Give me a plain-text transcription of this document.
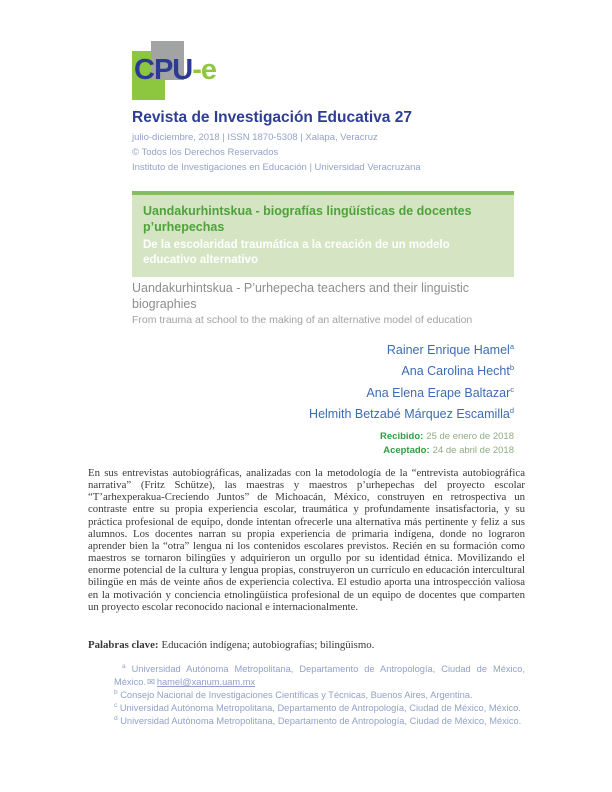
CPU-e
Revista de Investigación Educativa 27
julio-diciembre, 2018 | ISSN 1870-5308 | Xalapa, Veracruz
© Todos los Derechos Reservados
Instituto de Investigaciones en Educación | Universidad Veracruzana
Uandakurhintskua - biografías lingüísticas de docentes p’urhepechas
De la escolaridad traumática a la creación de un modelo educativo alternativo
Uandakurhintskua - P’urhepecha teachers and their linguistic biographies
From trauma at school to the making of an alternative model of education
Rainer Enrique Hamel$^a$
Ana Carolina Hecht$^b$
Ana Elena Erape Baltazar$^c$
Helmith Betzabé Márquez Escamilla$^d$
Recibido: 25 de enero de 2018
Aceptado: 24 de abril de 2018
En sus entrevistas autobiográficas, analizadas con la metodología de la “entrevista autobiográfica narrativa” (Fritz Schütze), las maestras y maestros p’urhepechas del proyecto escolar “T’arhexperakua-Creciendo Juntos” de Michoacán, México, construyen en retrospectiva un contraste entre su propia experiencia escolar, traumática y profundamente insatisfactoria, y su práctica profesional de equipo, donde intentan ofrecerle una alternativa más pertinente y feliz a sus alumnos. Los docentes narran su propia experiencia de primaria indígena, donde no lograron aprender bien la “otra” lengua ni los contenidos escolares previstos. Recién en su formación como maestros se tornaron bilingües y adquirieron un orgullo por su identidad étnica. Movilizando el enorme potencial de la cultura y lengua propias, construyeron un currículo en educación intercultural bilingüe en más de veinte años de experiencia colectiva. El estudio aporta una introspección valiosa en la motivación y conciencia etnolingüística profesional de un equipo de docentes que comparten un proyecto escolar reconocido nacional e internacionalmente.
Palabras clave: Educación indígena; autobiografías; bilingüismo.

$^a$ Universidad Autónoma Metropolitana, Departamento de Antropología, Ciudad de México, México.✉ hamel@xanum.uam.mx

$^b$ Consejo Nacional de Investigaciones Científicas y Técnicas, Buenos Aires, Argentina.

$^c$ Universidad Autónoma Metropolitana, Departamento de Antropología, Ciudad de México, México.

$^d$ Universidad Autónoma Metropolitana, Departamento de Antropología, Ciudad de México, México.
